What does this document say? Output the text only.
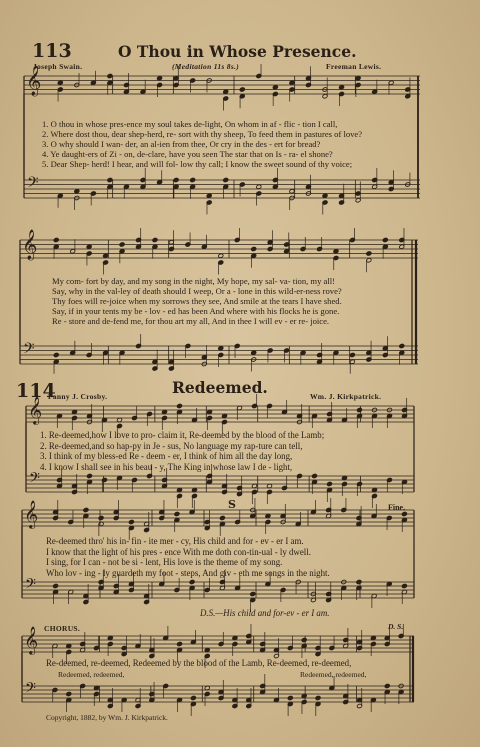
113	O Thou in Whose Presence.
Joseph Swain.	(Meditation 11s 8s.)	Freeman Lewis.
𝄞
𝄢
𝄞
𝄢
𝄞
𝄢
𝄞
𝄢
𝄞
𝄢
1. O thou in whose pres-ence my soul takes de-light, On whom in af - flic - tion I call,
2. Where dost thou, dear shep-herd, re- sort with thy sheep, To feed them in pastures of love?
3. O why should I wan- der, an al-ien from thee, Or cry in the des - ert for bread?
4. Ye daught-ers of Zi - on, de-clare, have you seen The star that on Is - ra- el shone?
5. Dear Shep- herd! I hear, and will fol- low thy call; I know the sweet sound of thy voice;
My com- fort by day, and my song in the night, My hope, my sal- va- tion, my all!
Say, why in the val-ley of death should I weep, Or a - lone in this wild-er-ness rove?
Thy foes will re-joice when my sorrows they see, And smile at the tears I have shed.
Say, if in your tents my be - lov - ed has been And where with his flocks he is gone.
Re - store and de-fend me, for thou art my all, And in thee I will ev - er re- joice.
114
Fanny J. Crosby.	Redeemed.	Wm. J. Kirkpatrick.
1. Re-deemed,how I love to pro- claim it, Re-deemed by the blood of the Lamb;
2. Re-deemed,and so hap-py in Je - sus, No language my rap-ture can tell,
3. I think of my bless-ed Re - deem - er, I think of him all the day long,
4. I know I shall see in his beau - y, The King in whose law I de - light,
S	Fine.
Re-deemed thro' his in- fin - ite mer - cy, His child and for - ev - er I am.
I know that the light of his pres - ence With me doth con-tin-ual - ly dwell.
I sing, for I can - not be si - lent, His love is the theme of my song.
Who lov - ing - ly guardeth my foot - steps, And giv - eth me songs in the night.
D.S.—His child and for-ev - er I am.
CHORUS.	D. S.
Re-deemed, re-deemed, Redeemed by the blood of the Lamb, Re-deemed, re-deemed,
Redeemed, redeemed,	Redeemed, redeemed,
Copyright, 1882, by Wm. J. Kirkpatrick.
